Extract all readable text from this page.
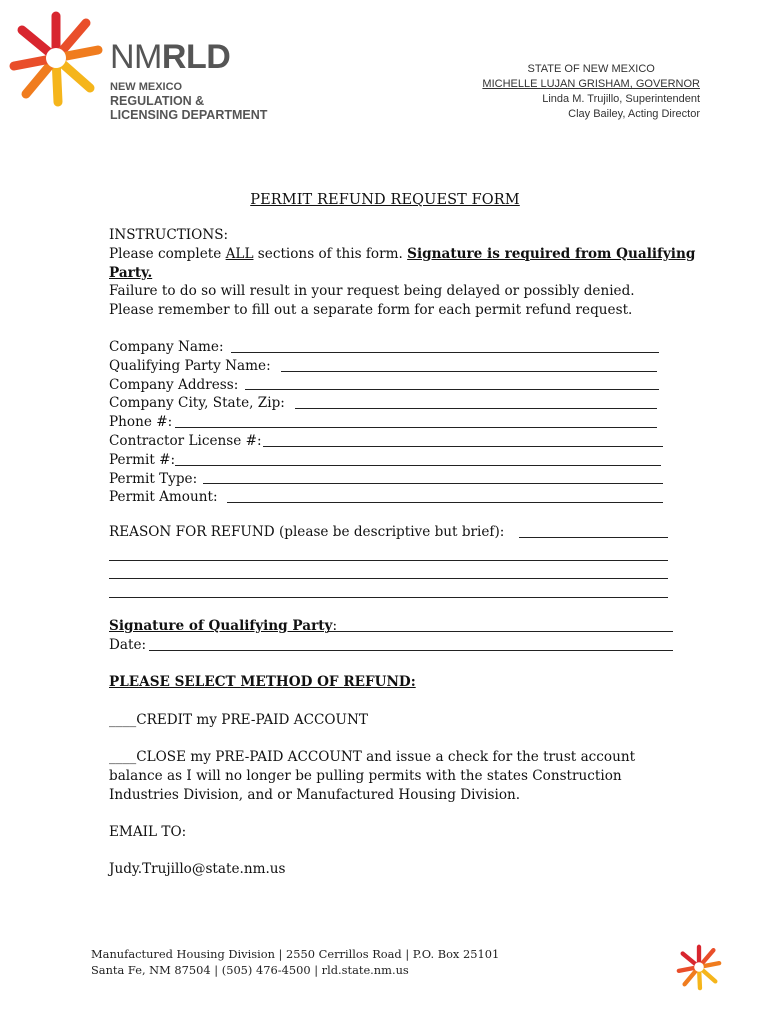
NMRLD
NEW MEXICO
REGULATION &
LICENSING DEPARTMENT
STATE OF NEW MEXICO
MICHELLE LUJAN GRISHAM, GOVERNOR
Linda M. Trujillo, Superintendent
Clay Bailey, Acting Director
PERMIT REFUND REQUEST FORM
INSTRUCTIONS:
Please complete ALL sections of this form. Signature is required from Qualifying
Party.
Failure to do so will result in your request being delayed or possibly denied.
Please remember to fill out a separate form for each permit refund request.
Company Name:
Qualifying Party Name:
Company Address:
Company City, State, Zip:
Phone #:
Contractor License #:
Permit #:
Permit Type:
Permit Amount:
REASON FOR REFUND (please be descriptive but brief):
Signature of Qualifying Party:
Date:
PLEASE SELECT METHOD OF REFUND:
____CREDIT my PRE-PAID ACCOUNT
____CLOSE my PRE-PAID ACCOUNT and issue a check for the trust account
balance as I will no longer be pulling permits with the states Construction
Industries Division, and or Manufactured Housing Division.
EMAIL TO:
Judy.Trujillo@state.nm.us
Manufactured Housing Division | 2550 Cerrillos Road | P.O. Box 25101
Santa Fe, NM 87504 | (505) 476-4500 | rld.state.nm.us
